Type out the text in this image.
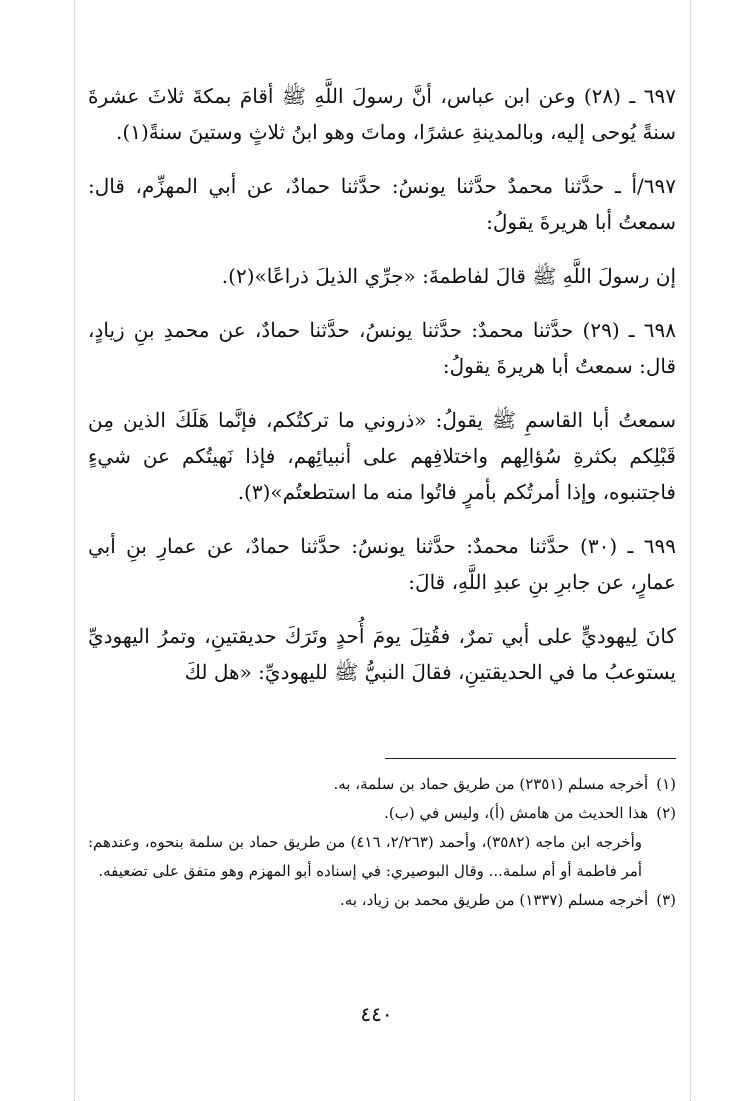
٦٩٧ ـ (٢٨) وعن ابن عباس، أنَّ رسولَ اللَّهِ ﷺ أقامَ بمكةَ ثلاثَ عشرةَ سنةً يُوحى إليه، وبالمدينةِ عشرًا، وماتَ وهو ابنُ ثلاثٍ وستينَ سنةً(١).

٦٩٧/أ ـ حدَّثنا محمدٌ حدَّثنا يونسُ: حدَّثنا حمادٌ، عن أبي المهزِّم، قال: سمعتُ أبا هريرةَ يقولُ:

إن رسولَ اللَّهِ ﷺ قالَ لفاطمةَ: «جرِّي الذيلَ ذراعًا»(٢).

٦٩٨ ـ (٢٩) حدَّثنا محمدٌ: حدَّثنا يونسُ، حدَّثنا حمادٌ، عن محمدِ بنِ زيادٍ، قال: سمعتُ أبا هريرةَ يقولُ:

سمعتُ أبا القاسمِ ﷺ يقولُ: «ذروني ما تركتُكم، فإنَّما هَلَكَ الذين مِن قَبْلِكم بكثرةِ سُؤالِهم واختلافِهم على أنبيائِهم، فإذا نَهيتُكم عن شيءٍ فاجتنبوه، وإذا أمرتُكم بأمرٍ فاتُوا منه ما استطعتُم»(٣).

٦٩٩ ـ (٣٠) حدَّثنا محمدٌ: حدَّثنا يونسُ: حدَّثنا حمادٌ، عن عمارِ بنِ أبي عمارٍ، عن جابرِ بنِ عبدِ اللَّهِ، قالَ:

كانَ لِيهوديٍّ على أبي تمرٌ، فقُتِلَ يومَ أُحدٍ وتَرَكَ حديقتينِ، وتمرُ اليهوديِّ يستوعبُ ما في الحديقتينِ، فقالَ النبيُّ ﷺ لليهوديِّ: «هل لكَ

(١)أخرجه مسلم (٢٣٥١) من طريق حماد بن سلمة، به.

(٢)هذا الحديث من هامش (أ)، وليس في (ب).

وأخرجه ابن ماجه (٣٥٨٢)، وأحمد (٢/٢٦٣، ٤١٦) من طريق حماد بن سلمة بنحوه، وعندهم: أمر فاطمة أو أم سلمة... وقال البوصيري: في إسناده أبو المهزم وهو متفق على تضعيفه.

(٣)أخرجه مسلم (١٣٣٧) من طريق محمد بن زياد، به.

٤٤٠
